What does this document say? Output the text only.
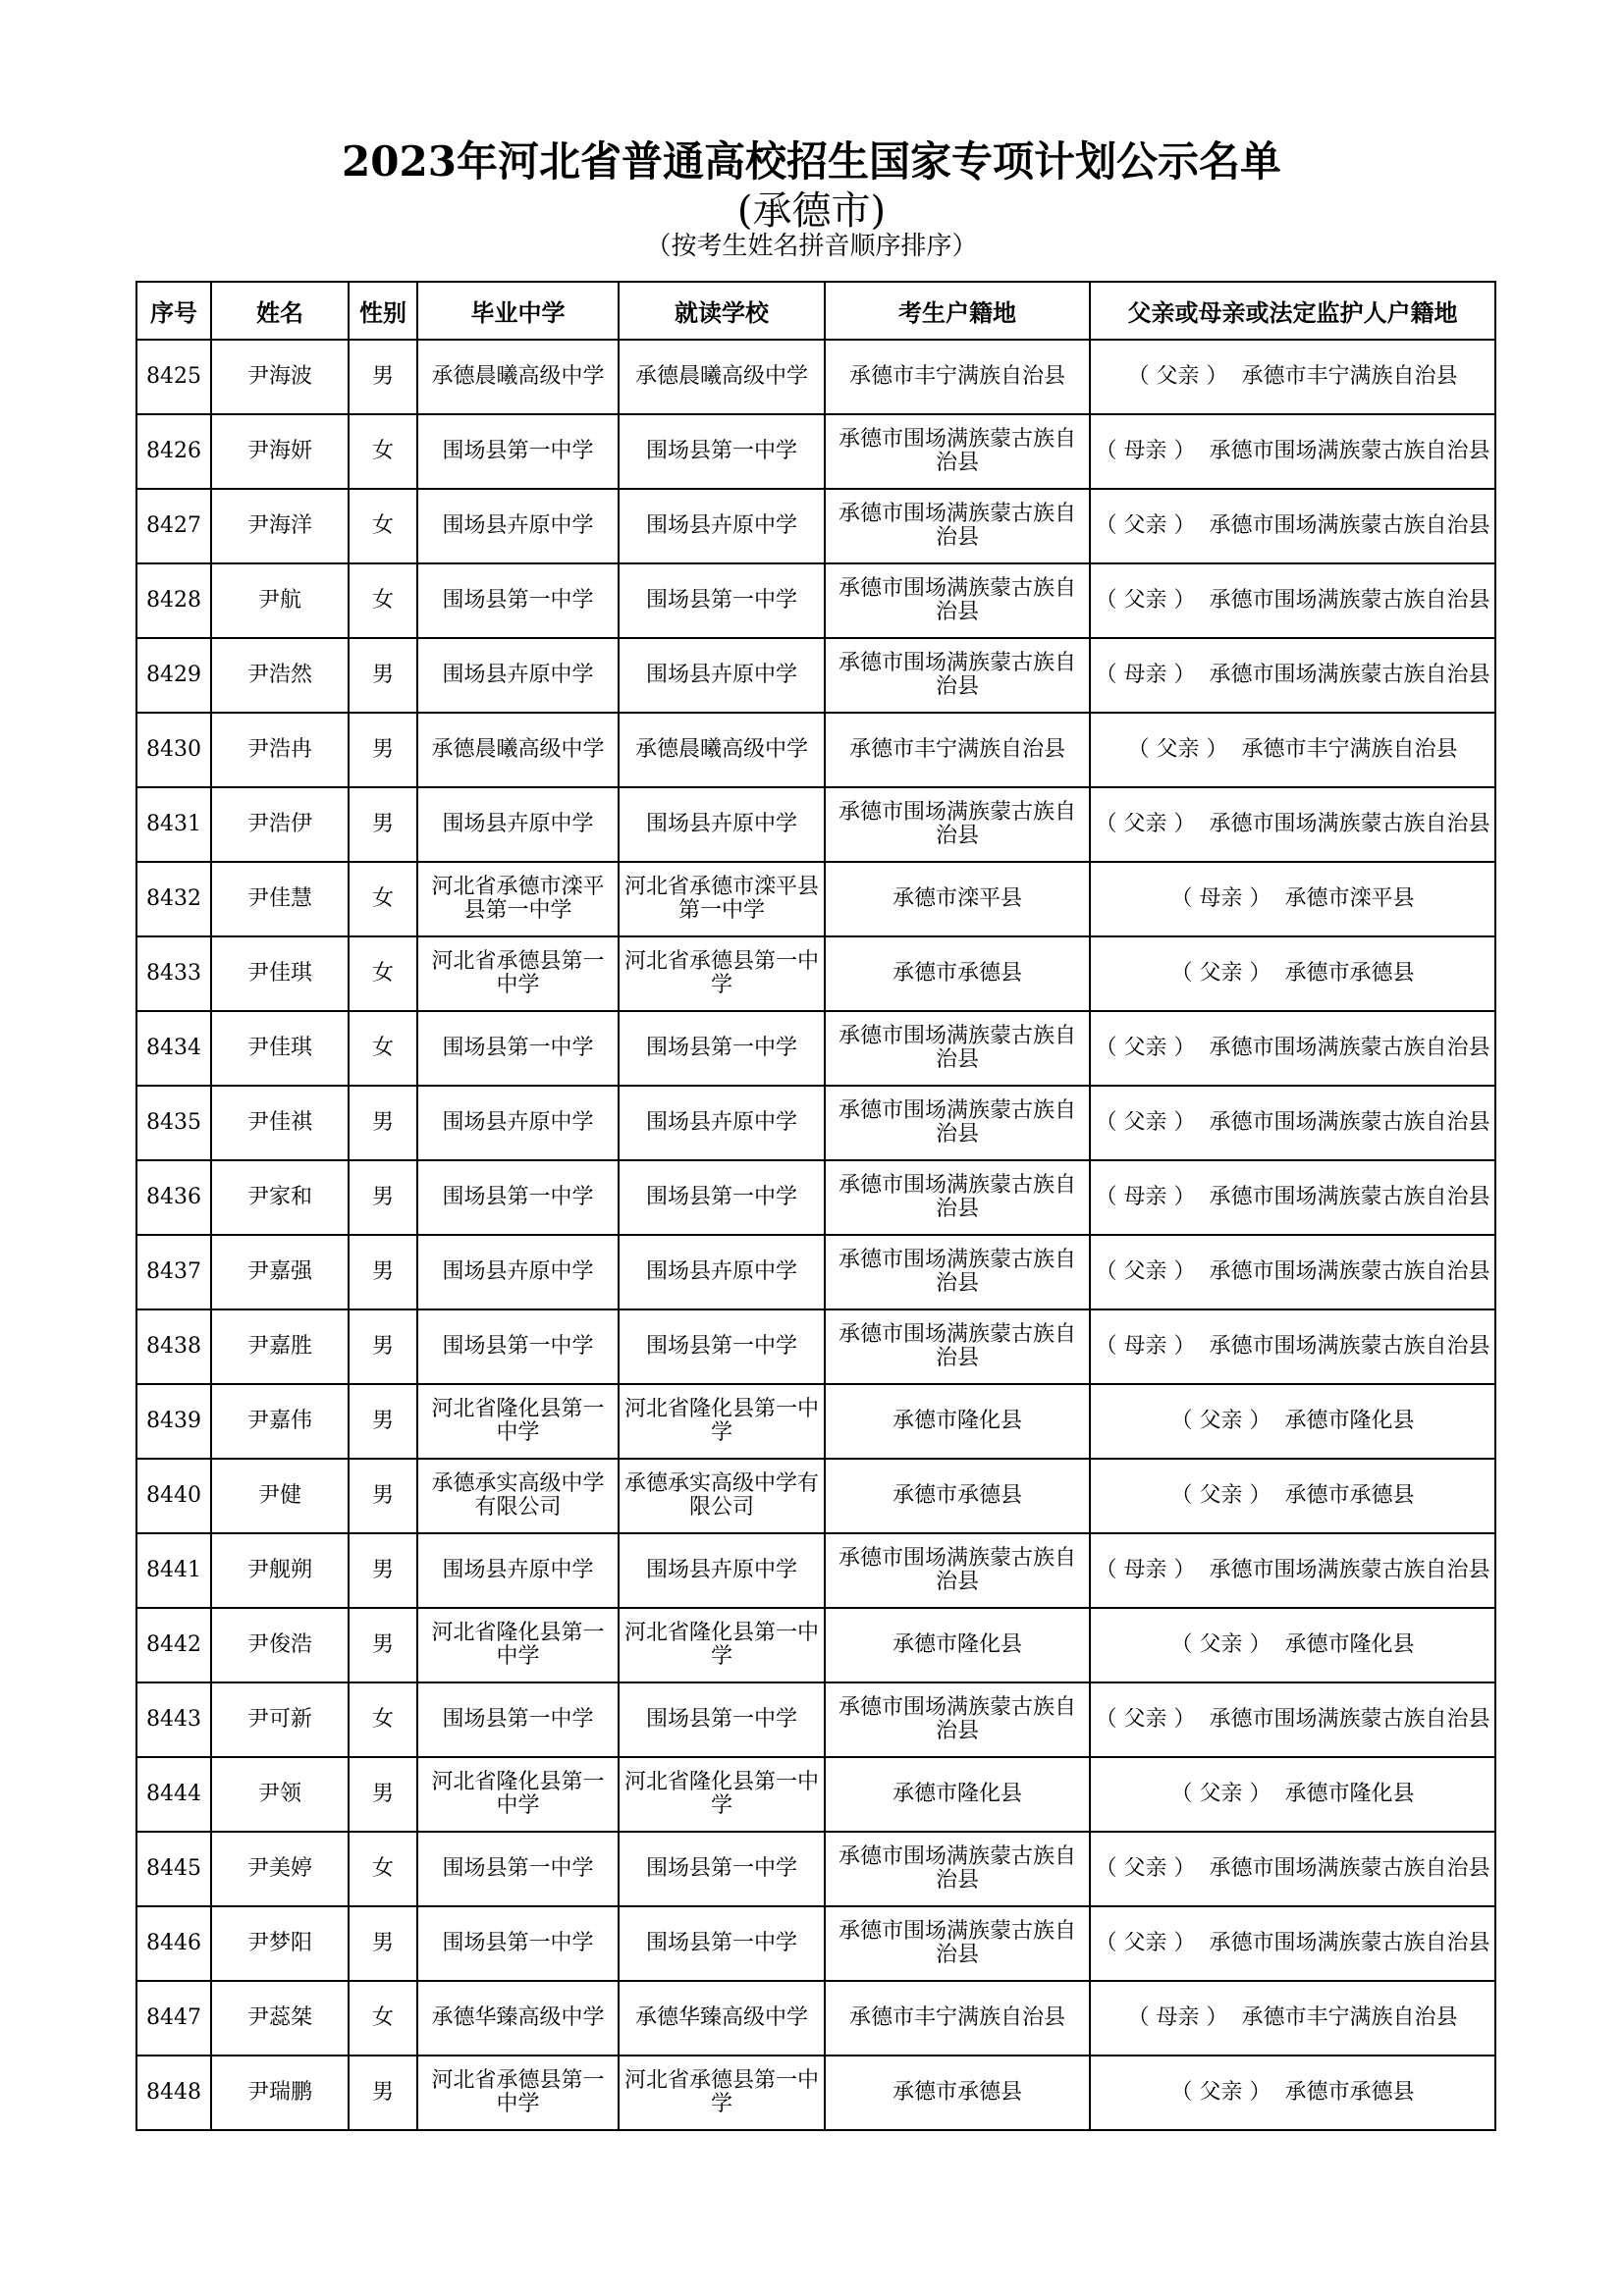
2023年河北省普通高校招生国家专项计划公示名单
(承德市)
（按考生姓名拼音顺序排序）
序号	姓名	性别	毕业中学	就读学校	考生户籍地	父亲或母亲或法定监护人户籍地
8425	尹海波	男	承德晨曦高级中学	承德晨曦高级中学	承德市丰宁满族自治县	（ 父亲 ） 承德市丰宁满族自治县
8426	尹海妍	女	围场县第一中学	围场县第一中学	承德市围场满族蒙古族自治县	（ 母亲 ） 承德市围场满族蒙古族自治县
8427	尹海洋	女	围场县卉原中学	围场县卉原中学	承德市围场满族蒙古族自治县	（ 父亲 ） 承德市围场满族蒙古族自治县
8428	尹航	女	围场县第一中学	围场县第一中学	承德市围场满族蒙古族自治县	（ 父亲 ） 承德市围场满族蒙古族自治县
8429	尹浩然	男	围场县卉原中学	围场县卉原中学	承德市围场满族蒙古族自治县	（ 母亲 ） 承德市围场满族蒙古族自治县
8430	尹浩冉	男	承德晨曦高级中学	承德晨曦高级中学	承德市丰宁满族自治县	（ 父亲 ） 承德市丰宁满族自治县
8431	尹浩伊	男	围场县卉原中学	围场县卉原中学	承德市围场满族蒙古族自治县	（ 父亲 ） 承德市围场满族蒙古族自治县
8432	尹佳慧	女	河北省承德市滦平县第一中学	河北省承德市滦平县第一中学	承德市滦平县	（ 母亲 ） 承德市滦平县
8433	尹佳琪	女	河北省承德县第一中学	河北省承德县第一中学	承德市承德县	（ 父亲 ） 承德市承德县
8434	尹佳琪	女	围场县第一中学	围场县第一中学	承德市围场满族蒙古族自治县	（ 父亲 ） 承德市围场满族蒙古族自治县
8435	尹佳祺	男	围场县卉原中学	围场县卉原中学	承德市围场满族蒙古族自治县	（ 父亲 ） 承德市围场满族蒙古族自治县
8436	尹家和	男	围场县第一中学	围场县第一中学	承德市围场满族蒙古族自治县	（ 母亲 ） 承德市围场满族蒙古族自治县
8437	尹嘉强	男	围场县卉原中学	围场县卉原中学	承德市围场满族蒙古族自治县	（ 父亲 ） 承德市围场满族蒙古族自治县
8438	尹嘉胜	男	围场县第一中学	围场县第一中学	承德市围场满族蒙古族自治县	（ 母亲 ） 承德市围场满族蒙古族自治县
8439	尹嘉伟	男	河北省隆化县第一中学	河北省隆化县第一中学	承德市隆化县	（ 父亲 ） 承德市隆化县
8440	尹健	男	承德承实高级中学有限公司	承德承实高级中学有限公司	承德市承德县	（ 父亲 ） 承德市承德县
8441	尹舰朔	男	围场县卉原中学	围场县卉原中学	承德市围场满族蒙古族自治县	（ 母亲 ） 承德市围场满族蒙古族自治县
8442	尹俊浩	男	河北省隆化县第一中学	河北省隆化县第一中学	承德市隆化县	（ 父亲 ） 承德市隆化县
8443	尹可新	女	围场县第一中学	围场县第一中学	承德市围场满族蒙古族自治县	（ 父亲 ） 承德市围场满族蒙古族自治县
8444	尹领	男	河北省隆化县第一中学	河北省隆化县第一中学	承德市隆化县	（ 父亲 ） 承德市隆化县
8445	尹美婷	女	围场县第一中学	围场县第一中学	承德市围场满族蒙古族自治县	（ 父亲 ） 承德市围场满族蒙古族自治县
8446	尹梦阳	男	围场县第一中学	围场县第一中学	承德市围场满族蒙古族自治县	（ 父亲 ） 承德市围场满族蒙古族自治县
8447	尹蕊桀	女	承德华臻高级中学	承德华臻高级中学	承德市丰宁满族自治县	（ 母亲 ） 承德市丰宁满族自治县
8448	尹瑞鹏	男	河北省承德县第一中学	河北省承德县第一中学	承德市承德县	（ 父亲 ） 承德市承德县
